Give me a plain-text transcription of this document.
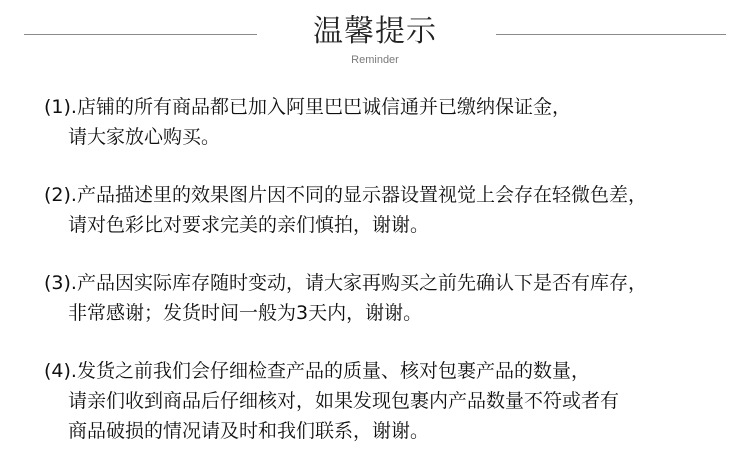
温馨提示
Reminder
(1).店铺的所有商品都已加入阿里巴巴诚信通并已缴纳保证金，
请大家放心购买。
(2).产品描述里的效果图片因不同的显示器设置视觉上会存在轻微色差，
请对色彩比对要求完美的亲们慎拍，谢谢。
(3).产品因实际库存随时变动，请大家再购买之前先确认下是否有库存，
非常感谢；发货时间一般为3天内，谢谢。
(4).发货之前我们会仔细检查产品的质量、核对包裹产品的数量，
请亲们收到商品后仔细核对，如果发现包裹内产品数量不符或者有
商品破损的情况请及时和我们联系，谢谢。
